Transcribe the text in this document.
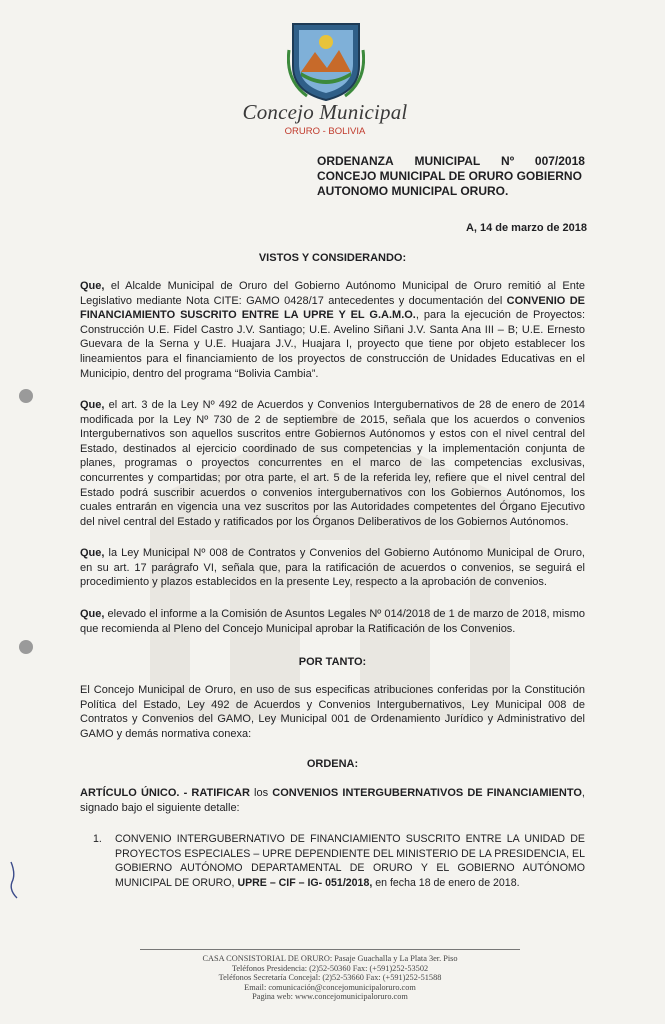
Concejo Municipal
ORURO - BOLIVIA
ORDENANZA MUNICIPAL Nº 007/2018
CONCEJO MUNICIPAL DE ORURO GOBIERNO
AUTONOMO MUNICIPAL ORURO.
A, 14 de marzo de 2018
VISTOS Y CONSIDERANDO:
Que, el Alcalde Municipal de Oruro del Gobierno Autónomo Municipal de Oruro remitió al Ente Legislativo mediante Nota CITE: GAMO 0428/17 antecedentes y documentación del CONVENIO DE FINANCIAMIENTO SUSCRITO ENTRE LA UPRE Y EL G.A.M.O., para la ejecución de Proyectos: Construcción U.E. Fidel Castro J.V. Santiago; U.E. Avelino Siñani J.V. Santa Ana III – B; U.E. Ernesto Guevara de la Serna y U.E. Huajara J.V., Huajara I, proyecto que tiene por objeto establecer los lineamientos para el financiamiento de los proyectos de construcción de Unidades Educativas en el Municipio, dentro del programa “Bolivia Cambia”.
Que, el art. 3 de la Ley Nº 492 de Acuerdos y Convenios Intergubernativos de 28 de enero de 2014 modificada por la Ley Nº 730 de 2 de septiembre de 2015, señala que los acuerdos o convenios Intergubernativos son aquellos suscritos entre Gobiernos Autónomos y estos con el nivel central del Estado, destinados al ejercicio coordinado de sus competencias y la implementación conjunta de planes, programas o proyectos concurrentes en el marco de las competencias exclusivas, concurrentes y compartidas; por otra parte, el art. 5 de la referida ley, refiere que el nivel central del Estado podrá suscribir acuerdos o convenios intergubernativos con los Gobiernos Autónomos, los cuales entrarán en vigencia una vez suscritos por las Autoridades competentes del Órgano Ejecutivo del nivel central del Estado y ratificados por los Órganos Deliberativos de los Gobiernos Autónomos.
Que, la Ley Municipal Nº 008 de Contratos y Convenios del Gobierno Autónomo Municipal de Oruro, en su art. 17 parágrafo VI, señala que, para la ratificación de acuerdos o convenios, se seguirá el procedimiento y plazos establecidos en la presente Ley, respecto a la aprobación de convenios.
Que, elevado el informe a la Comisión de Asuntos Legales Nº 014/2018 de 1 de marzo de 2018, mismo que recomienda al Pleno del Concejo Municipal aprobar la Ratificación de los Convenios.
POR TANTO:
El Concejo Municipal de Oruro, en uso de sus especificas atribuciones conferidas por la Constitución Política del Estado, Ley 492 de Acuerdos y Convenios Intergubernativos, Ley Municipal 008 de Contratos y Convenios del GAMO, Ley Municipal 001 de Ordenamiento Jurídico y Administrativo del GAMO y demás normativa conexa:
ORDENA:
ARTÍCULO ÚNICO. - RATIFICAR los CONVENIOS INTERGUBERNATIVOS DE FINANCIAMIENTO, signado bajo el siguiente detalle:
1.	CONVENIO INTERGUBERNATIVO DE FINANCIAMIENTO SUSCRITO ENTRE LA UNIDAD DE PROYECTOS ESPECIALES – UPRE DEPENDIENTE DEL MINISTERIO DE LA PRESIDENCIA, EL GOBIERNO AUTÓNOMO DEPARTAMENTAL DE ORURO Y EL GOBIERNO AUTÓNOMO MUNICIPAL DE ORURO, UPRE – CIF – IG- 051/2018, en fecha 18 de enero de 2018.
CASA CONSISTORIAL DE ORURO: Pasaje Guachalla y La Plata 3er. Piso
Teléfonos Presidencia: (2)52-50360 Fax: (+591)252-53502
Teléfonos Secretaría Concejal: (2)52-53660 Fax: (+591)252-51588
Email: comunicación@concejomunicipaloruro.com
Pagina web: www.concejomunicipaloruro.com
